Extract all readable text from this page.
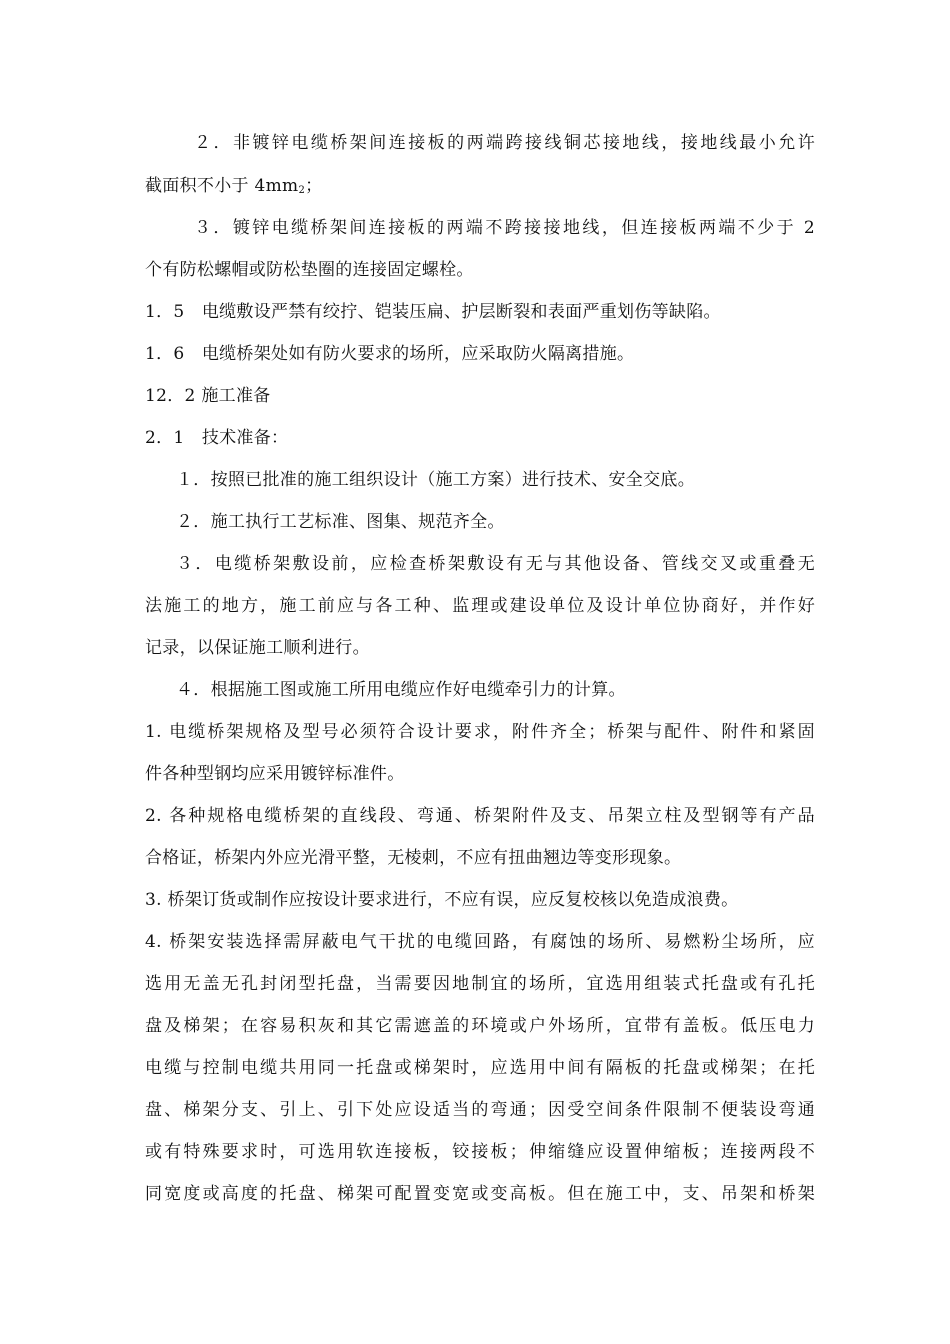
２．非镀锌电缆桥架间连接板的两端跨接线铜芯接地线，接地线最小允许
截面积不小于 $4mm_2$；
３．镀锌电缆桥架间连接板的两端不跨接接地线，但连接板两端不少于 2
个有防松螺帽或防松垫圈的连接固定螺栓。
1．5　电缆敷设严禁有绞拧、铠装压扁、护层断裂和表面严重划伤等缺陷。
1．6　电缆桥架处如有防火要求的场所，应采取防火隔离措施。
12．2 施工准备
2．1　技术准备：
１．按照已批准的施工组织设计（施工方案）进行技术、安全交底。
２．施工执行工艺标准、图集、规范齐全。
３．电缆桥架敷设前，应检查桥架敷设有无与其他设备、管线交叉或重叠无
法施工的地方，施工前应与各工种、监理或建设单位及设计单位协商好，并作好
记录，以保证施工顺利进行。
４．根据施工图或施工所用电缆应作好电缆牵引力的计算。
1. 电缆桥架规格及型号必须符合设计要求，附件齐全；桥架与配件、附件和紧固
件各种型钢均应采用镀锌标准件。
2. 各种规格电缆桥架的直线段、弯通、桥架附件及支、吊架立柱及型钢等有产品
合格证，桥架内外应光滑平整，无棱刺，不应有扭曲翘边等变形现象。
3. 桥架订货或制作应按设计要求进行，不应有误，应反复校核以免造成浪费。
4. 桥架安装选择需屏蔽电气干扰的电缆回路，有腐蚀的场所、易燃粉尘场所，应
选用无盖无孔封闭型托盘，当需要因地制宜的场所，宜选用组装式托盘或有孔托
盘及梯架；在容易积灰和其它需遮盖的环境或户外场所，宜带有盖板。低压电力
电缆与控制电缆共用同一托盘或梯架时，应选用中间有隔板的托盘或梯架；在托
盘、梯架分支、引上、引下处应设适当的弯通；因受空间条件限制不便装设弯通
或有特殊要求时，可选用软连接板，铰接板；伸缩缝应设置伸缩板；连接两段不
同宽度或高度的托盘、梯架可配置变宽或变高板。但在施工中，支、吊架和桥架
